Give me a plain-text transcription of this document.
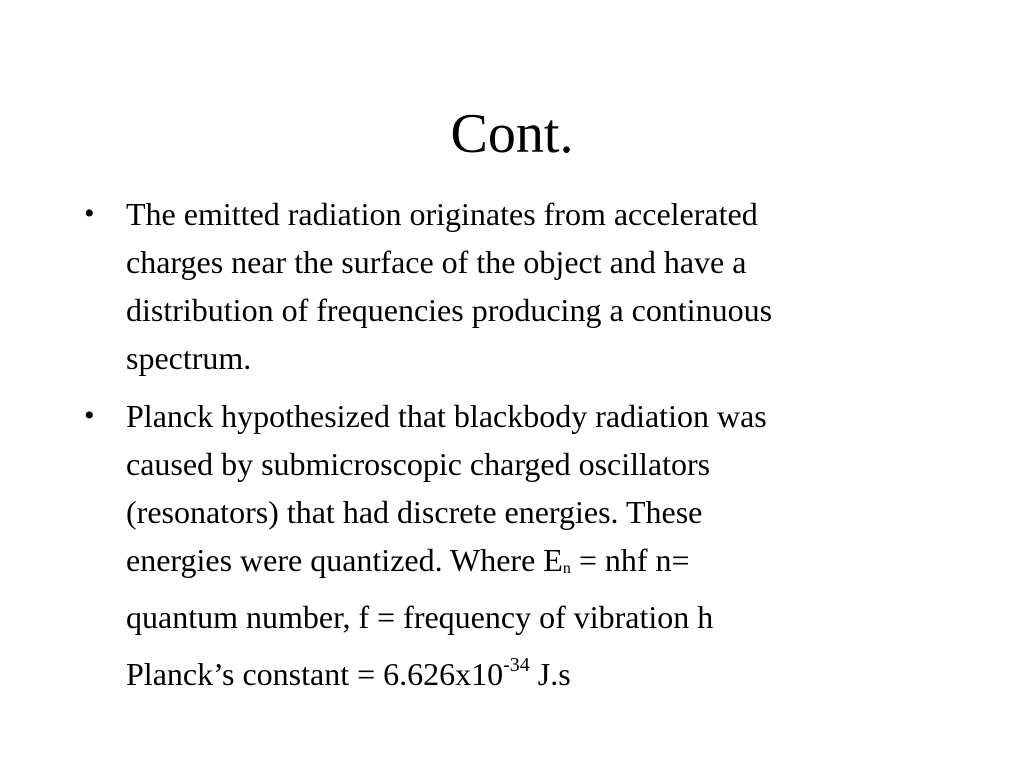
Cont.
• The emitted radiation originates from accelerated
charges near the surface of the object and have a
distribution of frequencies producing a continuous
spectrum.
• Planck hypothesized that blackbody radiation was
caused by submicroscopic charged oscillators
(resonators) that had discrete energies. These
energies were quantized. Where En = nhf n=
quantum number, f = frequency of vibration h
Planck’s constant = $6.626x10^{-34}$ J.s
